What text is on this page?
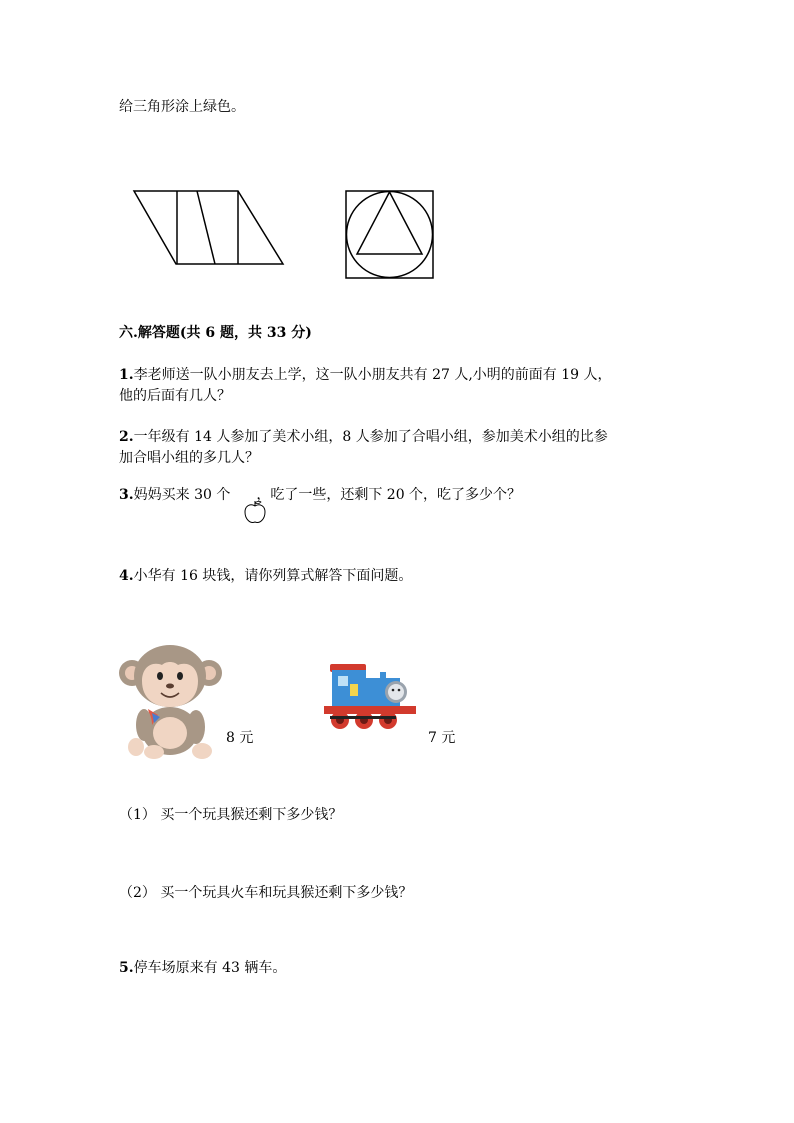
给三角形涂上绿色。
六.解答题(共 6 题，共 33 分)
1.李老师送一队小朋友去上学，这一队小朋友共有 27 人,小明的前面有 19 人，
他的后面有几人？
2.一年级有 14 人参加了美术小组，8 人参加了合唱小组，参加美术小组的比参
加合唱小组的多几人？
3.妈妈买来 30 个 ，吃了一些，还剩下 20 个，吃了多少个？
4.小华有 16 块钱，请你列算式解答下面问题。
8 元	7 元
（1） 买一个玩具猴还剩下多少钱？
（2） 买一个玩具火车和玩具猴还剩下多少钱？
5.停车场原来有 43 辆车。
